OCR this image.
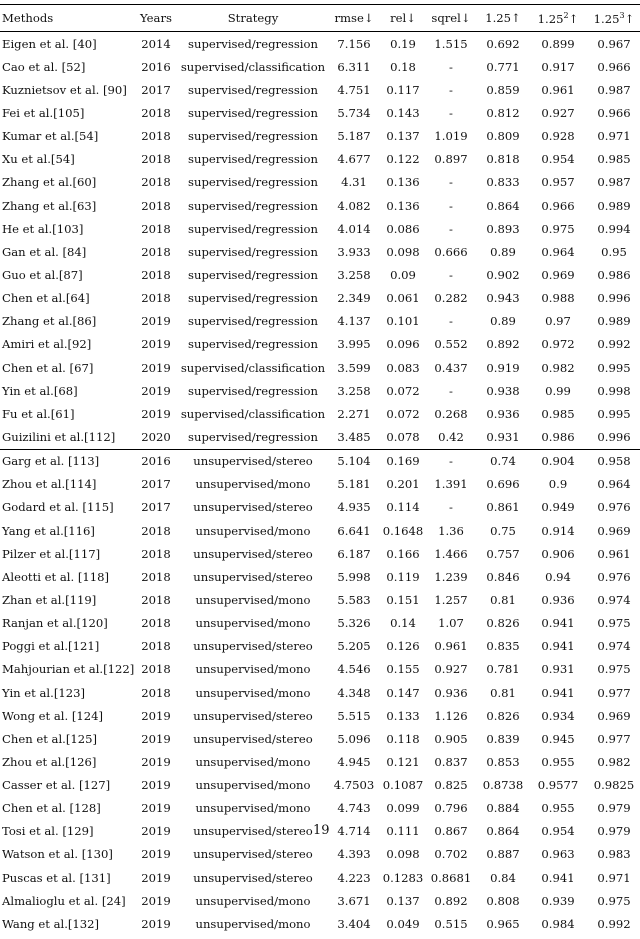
Methods	Years	Strategy	rmse↓	rel↓	sqrel↓	1.25↑	1.25$^2$↑	1.25$^3$↑
Eigen et al. [40]	2014	supervised/regression	7.156	0.19	1.515	0.692	0.899	0.967
Cao et al. [52]	2016	supervised/classification	6.311	0.18	-	0.771	0.917	0.966
Kuznietsov et al. [90]	2017	supervised/regression	4.751	0.117	-	0.859	0.961	0.987
Fei et al.[105]	2018	supervised/regression	5.734	0.143	-	0.812	0.927	0.966
Kumar et al.[54]	2018	supervised/regression	5.187	0.137	1.019	0.809	0.928	0.971
Xu et al.[54]	2018	supervised/regression	4.677	0.122	0.897	0.818	0.954	0.985
Zhang et al.[60]	2018	supervised/regression	4.31	0.136	-	0.833	0.957	0.987
Zhang et al.[63]	2018	supervised/regression	4.082	0.136	-	0.864	0.966	0.989
He et al.[103]	2018	supervised/regression	4.014	0.086	-	0.893	0.975	0.994
Gan et al. [84]	2018	supervised/regression	3.933	0.098	0.666	0.89	0.964	0.95
Guo et al.[87]	2018	supervised/regression	3.258	0.09	-	0.902	0.969	0.986
Chen et al.[64]	2018	supervised/regression	2.349	0.061	0.282	0.943	0.988	0.996
Zhang et al.[86]	2019	supervised/regression	4.137	0.101	-	0.89	0.97	0.989
Amiri et al.[92]	2019	supervised/regression	3.995	0.096	0.552	0.892	0.972	0.992
Chen et al. [67]	2019	supervised/classification	3.599	0.083	0.437	0.919	0.982	0.995
Yin et al.[68]	2019	supervised/regression	3.258	0.072	-	0.938	0.99	0.998
Fu et al.[61]	2019	supervised/classification	2.271	0.072	0.268	0.936	0.985	0.995
Guizilini et al.[112]	2020	supervised/regression	3.485	0.078	0.42	0.931	0.986	0.996
Garg et al. [113]	2016	unsupervised/stereo	5.104	0.169	-	0.74	0.904	0.958
Zhou et al.[114]	2017	unsupervised/mono	5.181	0.201	1.391	0.696	0.9	0.964
Godard et al. [115]	2017	unsupervised/stereo	4.935	0.114	-	0.861	0.949	0.976
Yang et al.[116]	2018	unsupervised/mono	6.641	0.1648	1.36	0.75	0.914	0.969
Pilzer et al.[117]	2018	unsupervised/stereo	6.187	0.166	1.466	0.757	0.906	0.961
Aleotti et al. [118]	2018	unsupervised/stereo	5.998	0.119	1.239	0.846	0.94	0.976
Zhan et al.[119]	2018	unsupervised/mono	5.583	0.151	1.257	0.81	0.936	0.974
Ranjan et al.[120]	2018	unsupervised/mono	5.326	0.14	1.07	0.826	0.941	0.975
Poggi et al.[121]	2018	unsupervised/stereo	5.205	0.126	0.961	0.835	0.941	0.974
Mahjourian et al.[122]	2018	unsupervised/mono	4.546	0.155	0.927	0.781	0.931	0.975
Yin et al.[123]	2018	unsupervised/mono	4.348	0.147	0.936	0.81	0.941	0.977
Wong et al. [124]	2019	unsupervised/stereo	5.515	0.133	1.126	0.826	0.934	0.969
Chen et al.[125]	2019	unsupervised/stereo	5.096	0.118	0.905	0.839	0.945	0.977
Zhou et al.[126]	2019	unsupervised/mono	4.945	0.121	0.837	0.853	0.955	0.982
Casser et al. [127]	2019	unsupervised/mono	4.7503	0.1087	0.825	0.8738	0.9577	0.9825
Chen et al. [128]	2019	unsupervised/mono	4.743	0.099	0.796	0.884	0.955	0.979
Tosi et al. [129]	2019	unsupervised/stereo	4.714	0.111	0.867	0.864	0.954	0.979
Watson et al. [130]	2019	unsupervised/stereo	4.393	0.098	0.702	0.887	0.963	0.983
Puscas et al. [131]	2019	unsupervised/stereo	4.223	0.1283	0.8681	0.84	0.941	0.971
Almalioglu et al. [24]	2019	unsupervised/mono	3.671	0.137	0.892	0.808	0.939	0.975
Wang et al.[132]	2019	unsupervised/mono	3.404	0.049	0.515	0.965	0.984	0.992
19
